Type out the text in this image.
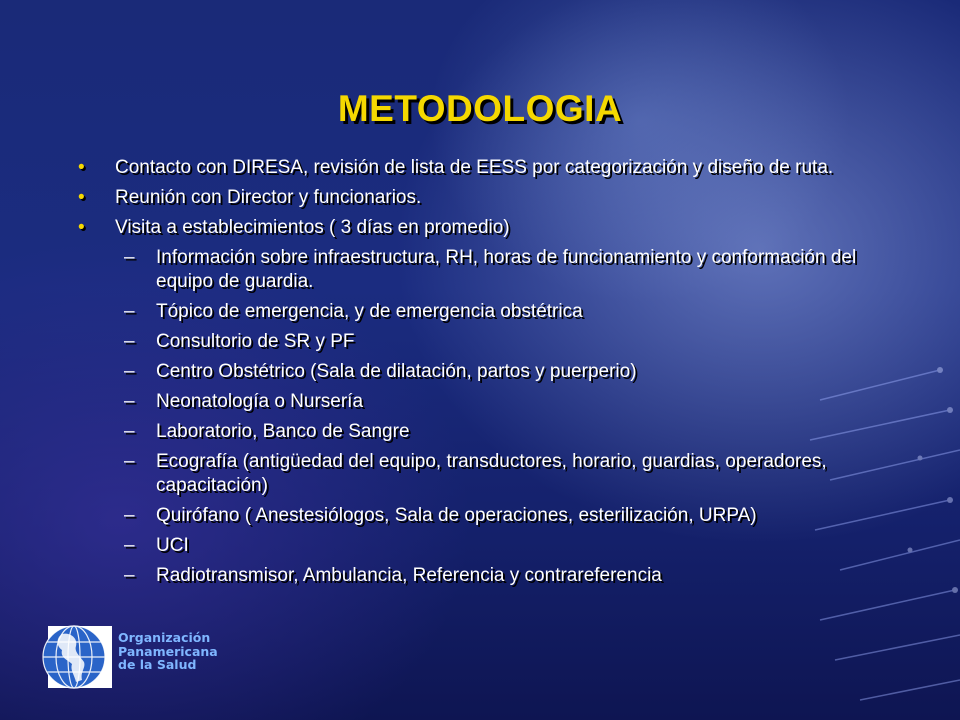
METODOLOGIA
• Contacto con DIRESA, revisión de lista de EESS por categorización y diseño de ruta.
• Reunión con Director y funcionarios.
• Visita a establecimientos ( 3 días en promedio)
– Información sobre infraestructura, RH, horas de funcionamiento y conformación del equipo de guardia.
– Tópico de emergencia, y de emergencia obstétrica
– Consultorio de SR y PF
– Centro Obstétrico (Sala de dilatación, partos y puerperio)
– Neonatología o Nursería
– Laboratorio, Banco de Sangre
– Ecografía (antigüedad del equipo, transductores, horario, guardias, operadores, capacitación)
– Quirófano ( Anestesiólogos, Sala de operaciones, esterilización, URPA)
– UCI
– Radiotransmisor, Ambulancia, Referencia y contrareferencia
Organización
Panamericana
de la Salud
